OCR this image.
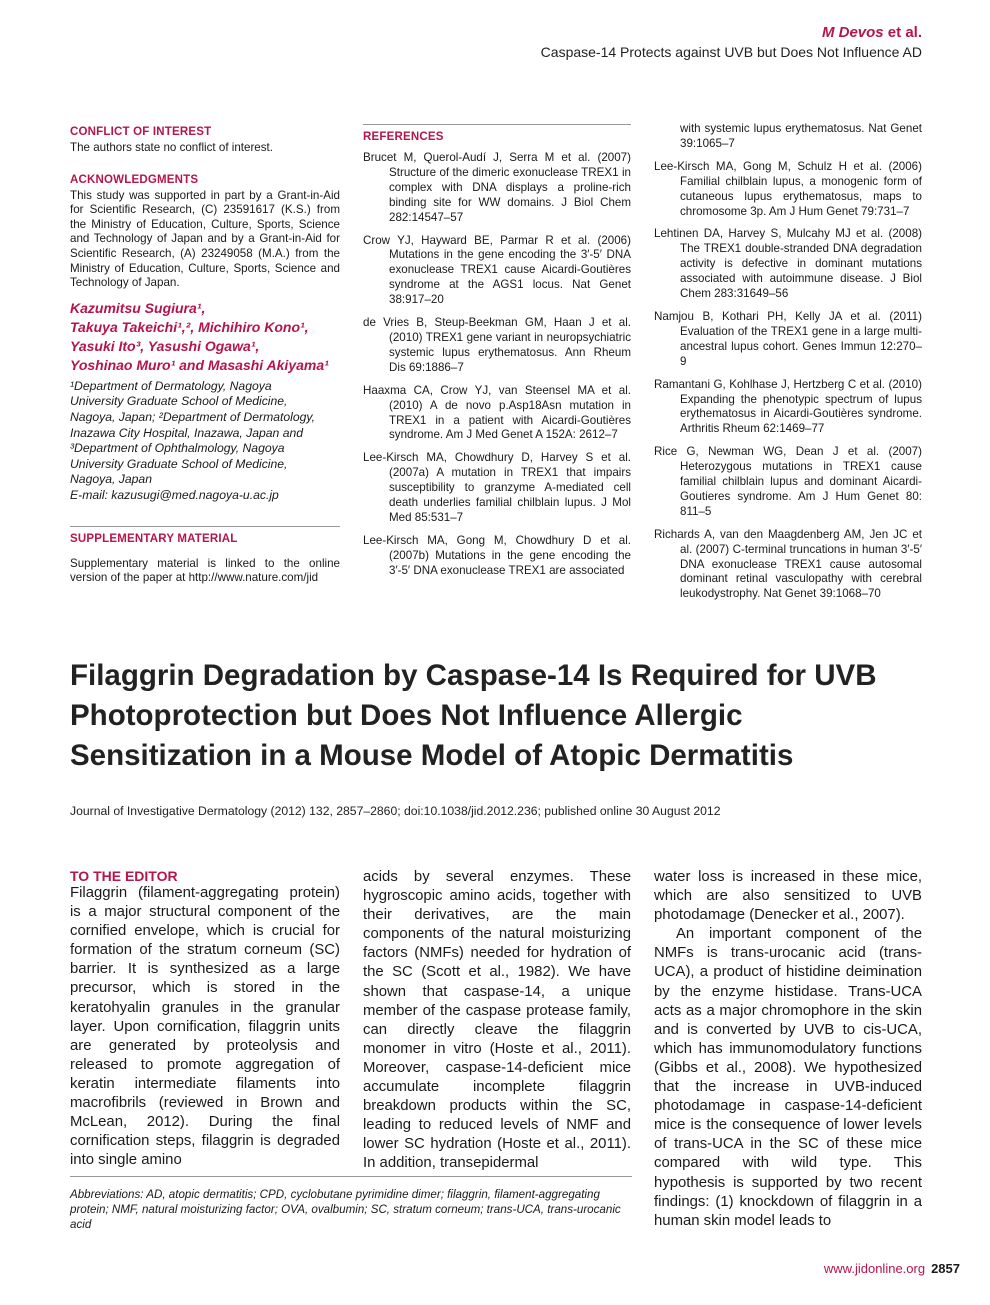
M Devos et al.
Caspase-14 Protects against UVB but Does Not Influence AD

CONFLICT OF INTEREST

The authors state no conflict of interest.

ACKNOWLEDGMENTS

This study was supported in part by a Grant-in-Aid for Scientific Research, (C) 23591617 (K.S.) from the Ministry of Education, Culture, Sports, Science and Technology of Japan and by a Grant-in-Aid for Scientific Research, (A) 23249058 (M.A.) from the Ministry of Education, Culture, Sports, Science and Technology of Japan.

Kazumitsu Sugiura¹,

Takuya Takeichi¹,², Michihiro Kono¹,

Yasuki Ito³, Yasushi Ogawa¹,

Yoshinao Muro¹ and Masashi Akiyama¹

¹Department of Dermatology, Nagoya

University Graduate School of Medicine,

Nagoya, Japan; ²Department of Dermatology,

Inazawa City Hospital, Inazawa, Japan and

³Department of Ophthalmology, Nagoya

University Graduate School of Medicine,

Nagoya, Japan

E-mail: kazusugi@med.nagoya-u.ac.jp

SUPPLEMENTARY MATERIAL

Supplementary material is linked to the online version of the paper at http://www.nature.com/jid

REFERENCES

Brucet M, Querol-Audí J, Serra M et al. (2007) Structure of the dimeric exonuclease TREX1 in complex with DNA displays a proline-rich binding site for WW domains. J Biol Chem 282:14547–57

Crow YJ, Hayward BE, Parmar R et al. (2006) Mutations in the gene encoding the 3′-5′ DNA exonuclease TREX1 cause Aicardi-Goutières syndrome at the AGS1 locus. Nat Genet 38:917–20

de Vries B, Steup-Beekman GM, Haan J et al. (2010) TREX1 gene variant in neuropsychiatric systemic lupus erythematosus. Ann Rheum Dis 69:1886–7

Haaxma CA, Crow YJ, van Steensel MA et al. (2010) A de novo p.Asp18Asn mutation in TREX1 in a patient with Aicardi-Goutières syndrome. Am J Med Genet A 152A: 2612–7

Lee-Kirsch MA, Chowdhury D, Harvey S et al. (2007a) A mutation in TREX1 that impairs susceptibility to granzyme A-mediated cell death underlies familial chilblain lupus. J Mol Med 85:531–7

Lee-Kirsch MA, Gong M, Chowdhury D et al. (2007b) Mutations in the gene encoding the 3′-5′ DNA exonuclease TREX1 are associated

with systemic lupus erythematosus. Nat Genet 39:1065–7

Lee-Kirsch MA, Gong M, Schulz H et al. (2006) Familial chilblain lupus, a monogenic form of cutaneous lupus erythematosus, maps to chromosome 3p. Am J Hum Genet 79:731–7

Lehtinen DA, Harvey S, Mulcahy MJ et al. (2008) The TREX1 double-stranded DNA degradation activity is defective in dominant mutations associated with autoimmune disease. J Biol Chem 283:31649–56

Namjou B, Kothari PH, Kelly JA et al. (2011) Evaluation of the TREX1 gene in a large multi-ancestral lupus cohort. Genes Immun 12:270–9

Ramantani G, Kohlhase J, Hertzberg C et al. (2010) Expanding the phenotypic spectrum of lupus erythematosus in Aicardi-Goutières syndrome. Arthritis Rheum 62:1469–77

Rice G, Newman WG, Dean J et al. (2007) Heterozygous mutations in TREX1 cause familial chilblain lupus and dominant Aicardi-Goutieres syndrome. Am J Hum Genet 80: 811–5

Richards A, van den Maagdenberg AM, Jen JC et al. (2007) C-terminal truncations in human 3′-5′ DNA exonuclease TREX1 cause autosomal dominant retinal vasculopathy with cerebral leukodystrophy. Nat Genet 39:1068–70

Filaggrin Degradation by Caspase-14 Is Required for UVB Photoprotection but Does Not Influence Allergic Sensitization in a Mouse Model of Atopic Dermatitis
Journal of Investigative Dermatology (2012) 132, 2857–2860; doi:10.1038/jid.2012.236; published online 30 August 2012

TO THE EDITOR

Filaggrin (filament-aggregating protein) is a major structural component of the cornified envelope, which is crucial for formation of the stratum corneum (SC) barrier. It is synthesized as a large precursor, which is stored in the keratohyalin granules in the granular layer. Upon cornification, filaggrin units are generated by proteolysis and released to promote aggregation of keratin intermediate filaments into macrofibrils (reviewed in Brown and McLean, 2012). During the final cornification steps, filaggrin is degraded into single amino

acids by several enzymes. These hygroscopic amino acids, together with their derivatives, are the main components of the natural moisturizing factors (NMFs) needed for hydration of the SC (Scott et al., 1982). We have shown that caspase-14, a unique member of the caspase protease family, can directly cleave the filaggrin monomer in vitro (Hoste et al., 2011). Moreover, caspase-14-deficient mice accumulate incomplete filaggrin breakdown products within the SC, leading to reduced levels of NMF and lower SC hydration (Hoste et al., 2011). In addition, transepidermal

water loss is increased in these mice, which are also sensitized to UVB photodamage (Denecker et al., 2007).

An important component of the NMFs is trans-urocanic acid (trans-UCA), a product of histidine deimination by the enzyme histidase. Trans-UCA acts as a major chromophore in the skin and is converted by UVB to cis-UCA, which has immunomodulatory functions (Gibbs et al., 2008). We hypothesized that the increase in UVB-induced photodamage in caspase-14-deficient mice is the consequence of lower levels of trans-UCA in the SC of these mice compared with wild type. This hypothesis is supported by two recent findings: (1) knockdown of filaggrin in a human skin model leads to

Abbreviations: AD, atopic dermatitis; CPD, cyclobutane pyrimidine dimer; filaggrin, filament-aggregating protein; NMF, natural moisturizing factor; OVA, ovalbumin; SC, stratum corneum; trans-UCA, trans-urocanic acid
www.jidonline.org 2857
